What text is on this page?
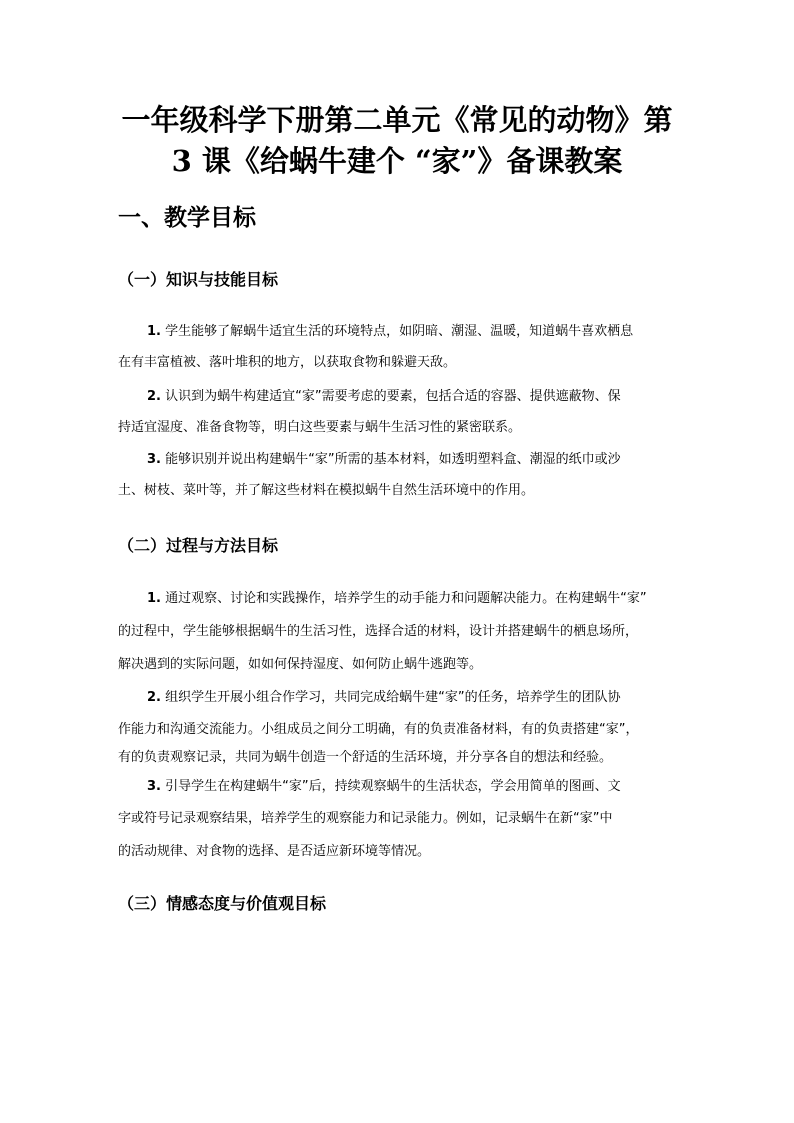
一年级科学下册第二单元《常见的动物》第
3 课《给蜗牛建个 “家”》备课教案
一、教学目标
（一）知识与技能目标

1. 学生能够了解蜗牛适宜生活的环境特点，如阴暗、潮湿、温暖，知道蜗牛喜欢栖息

在有丰富植被、落叶堆积的地方，以获取食物和躲避天敌。

2. 认识到为蜗牛构建适宜“家”需要考虑的要素，包括合适的容器、提供遮蔽物、保

持适宜湿度、准备食物等，明白这些要素与蜗牛生活习性的紧密联系。

3. 能够识别并说出构建蜗牛“家”所需的基本材料，如透明塑料盒、潮湿的纸巾或沙

土、树枝、菜叶等，并了解这些材料在模拟蜗牛自然生活环境中的作用。

（二）过程与方法目标

1. 通过观察、讨论和实践操作，培养学生的动手能力和问题解决能力。在构建蜗牛“家”

的过程中，学生能够根据蜗牛的生活习性，选择合适的材料，设计并搭建蜗牛的栖息场所，

解决遇到的实际问题，如如何保持湿度、如何防止蜗牛逃跑等。

2. 组织学生开展小组合作学习，共同完成给蜗牛建“家”的任务，培养学生的团队协

作能力和沟通交流能力。小组成员之间分工明确，有的负责准备材料，有的负责搭建“家”，

有的负责观察记录，共同为蜗牛创造一个舒适的生活环境，并分享各自的想法和经验。

3. 引导学生在构建蜗牛“家”后，持续观察蜗牛的生活状态，学会用简单的图画、文

字或符号记录观察结果，培养学生的观察能力和记录能力。例如，记录蜗牛在新“家”中

的活动规律、对食物的选择、是否适应新环境等情况。

（三）情感态度与价值观目标
